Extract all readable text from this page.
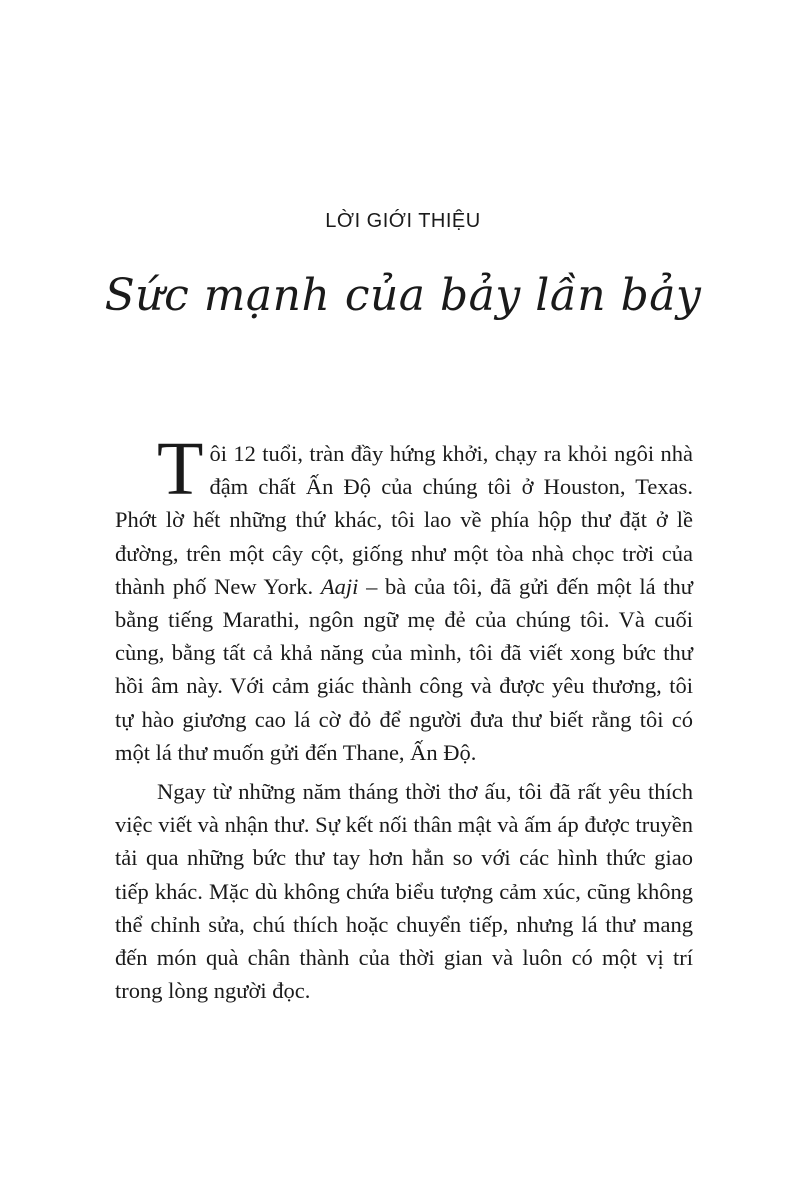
LỜI GIỚI THIỆU
Sức mạnh của bảy lần bảy

Tôi 12 tuổi, tràn đầy hứng khởi, chạy ra khỏi ngôi nhà đậm chất Ấn Độ của chúng tôi ở Houston, Texas. Phớt lờ hết những thứ khác, tôi lao về phía hộp thư đặt ở lề đường, trên một cây cột, giống như một tòa nhà chọc trời của thành phố New York. Aaji – bà của tôi, đã gửi đến một lá thư bằng tiếng Marathi, ngôn ngữ mẹ đẻ của chúng tôi. Và cuối cùng, bằng tất cả khả năng của mình, tôi đã viết xong bức thư hồi âm này. Với cảm giác thành công và được yêu thương, tôi tự hào giương cao lá cờ đỏ để người đưa thư biết rằng tôi có một lá thư muốn gửi đến Thane, Ấn Độ.

Ngay từ những năm tháng thời thơ ấu, tôi đã rất yêu thích việc viết và nhận thư. Sự kết nối thân mật và ấm áp được truyền tải qua những bức thư tay hơn hẳn so với các hình thức giao tiếp khác. Mặc dù không chứa biểu tượng cảm xúc, cũng không thể chỉnh sửa, chú thích hoặc chuyển tiếp, nhưng lá thư mang đến món quà chân thành của thời gian và luôn có một vị trí trong lòng người đọc.
